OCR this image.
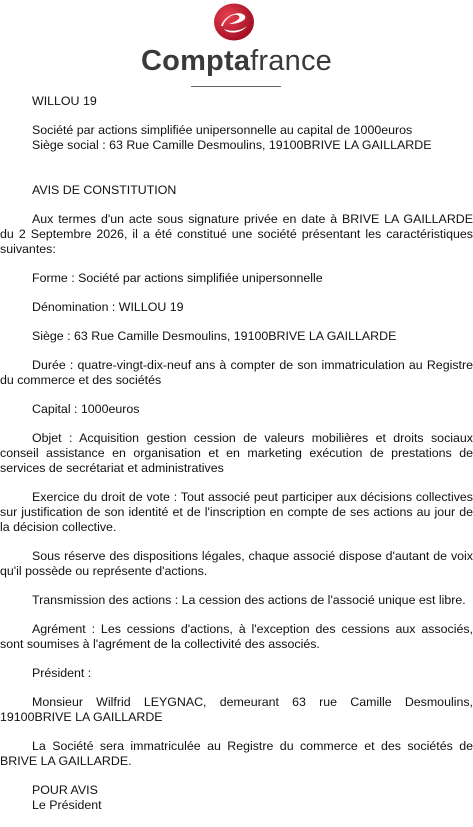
Comptafrance

WILLOU 19

Société par actions simplifiée unipersonnelle au capital de 1000euros
Siège social : 63 Rue Camille Desmoulins, 19100BRIVE LA GAILLARDE

AVIS DE CONSTITUTION

Aux termes d'un acte sous signature privée en date à BRIVE LA GAILLARDE du 2 Septembre 2026, il a été constitué une société présentant les caractéristiques suivantes:

Forme : Société par actions simplifiée unipersonnelle

Dénomination : WILLOU 19

Siège : 63 Rue Camille Desmoulins, 19100BRIVE LA GAILLARDE

Durée : quatre-vingt-dix-neuf ans à compter de son immatriculation au Registre du commerce et des sociétés

Capital : 1000euros

Objet : Acquisition gestion cession de valeurs mobilières et droits sociaux conseil assistance en organisation et en marketing exécution de prestations de services de secrétariat et administratives

Exercice du droit de vote : Tout associé peut participer aux décisions collectives sur justification de son identité et de l'inscription en compte de ses actions au jour de la décision collective.

Sous réserve des dispositions légales, chaque associé dispose d'autant de voix qu'il possède ou représente d'actions.

Transmission des actions : La cession des actions de l'associé unique est libre.

Agrément : Les cessions d'actions, à l'exception des cessions aux associés, sont soumises à l'agrément de la collectivité des associés.

Président :

Monsieur Wilfrid LEYGNAC, demeurant 63 rue Camille Desmoulins, 19100BRIVE LA GAILLARDE

La Société sera immatriculée au Registre du commerce et des sociétés de BRIVE LA GAILLARDE.

POUR AVIS
Le Président
